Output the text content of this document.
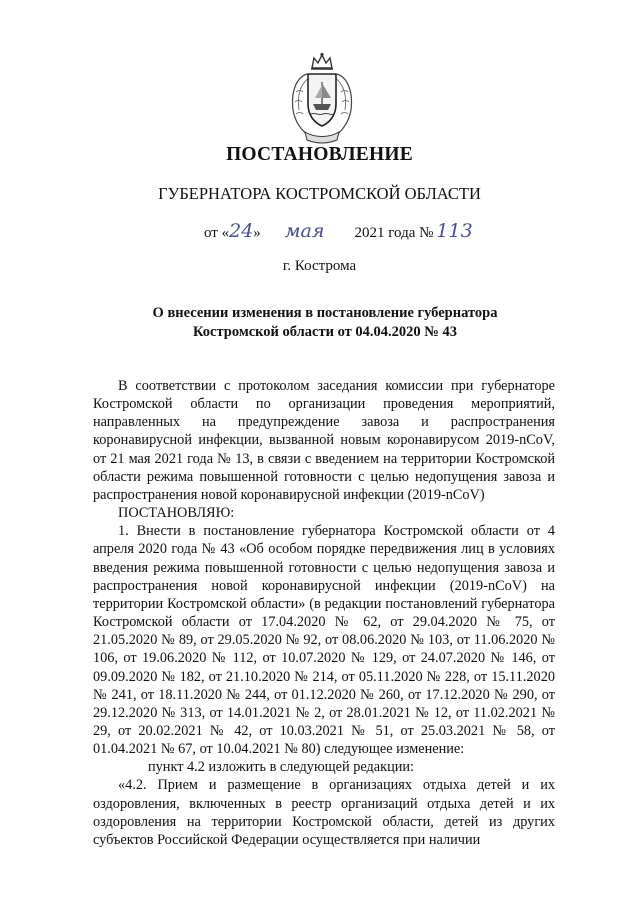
ПОСТАНОВЛЕНИЕ
ГУБЕРНАТОРА КОСТРОМСКОЙ ОБЛАСТИ
от «24» мая 2021 года № 113
г. Кострома
О внесении изменения в постановление губернатора
Костромской области от 04.04.2020 № 43

В соответствии с протоколом заседания комиссии при губернаторе Костромской области по организации проведения мероприятий, направленных на предупреждение завоза и распространения коронавирусной инфекции, вызванной новым коронавирусом 2019-nCoV, от 21 мая 2021 года № 13, в связи с введением на территории Костромской области режима повышенной готовности с целью недопущения завоза и распространения новой коронавирусной инфекции (2019-nCoV)

ПОСТАНОВЛЯЮ:

1. Внести в постановление губернатора Костромской области от 4 апреля 2020 года № 43 «Об особом порядке передвижения лиц в условиях введения режима повышенной готовности с целью недопущения завоза и распространения новой коронавирусной инфекции (2019-nCoV) на территории Костромской области» (в редакции постановлений губернатора Костромской области от 17.04.2020 № 62, от 29.04.2020 № 75, от 21.05.2020 № 89, от 29.05.2020 № 92, от 08.06.2020 № 103, от 11.06.2020 № 106, от 19.06.2020 № 112, от 10.07.2020 № 129, от 24.07.2020 № 146, от 09.09.2020 № 182, от 21.10.2020 № 214, от 05.11.2020 № 228, от 15.11.2020 № 241, от 18.11.2020 № 244, от 01.12.2020 № 260, от 17.12.2020 № 290, от 29.12.2020 № 313, от 14.01.2021 № 2, от 28.01.2021 № 12, от 11.02.2021 № 29, от 20.02.2021 № 42, от 10.03.2021 № 51, от 25.03.2021 № 58, от 01.04.2021 № 67, от 10.04.2021 № 80) следующее изменение:

пункт 4.2 изложить в следующей редакции:

«4.2. Прием и размещение в организациях отдыха детей и их оздоровления, включенных в реестр организаций отдыха детей и их оздоровления на территории Костромской области, детей из других субъектов Российской Федерации осуществляется при наличии
